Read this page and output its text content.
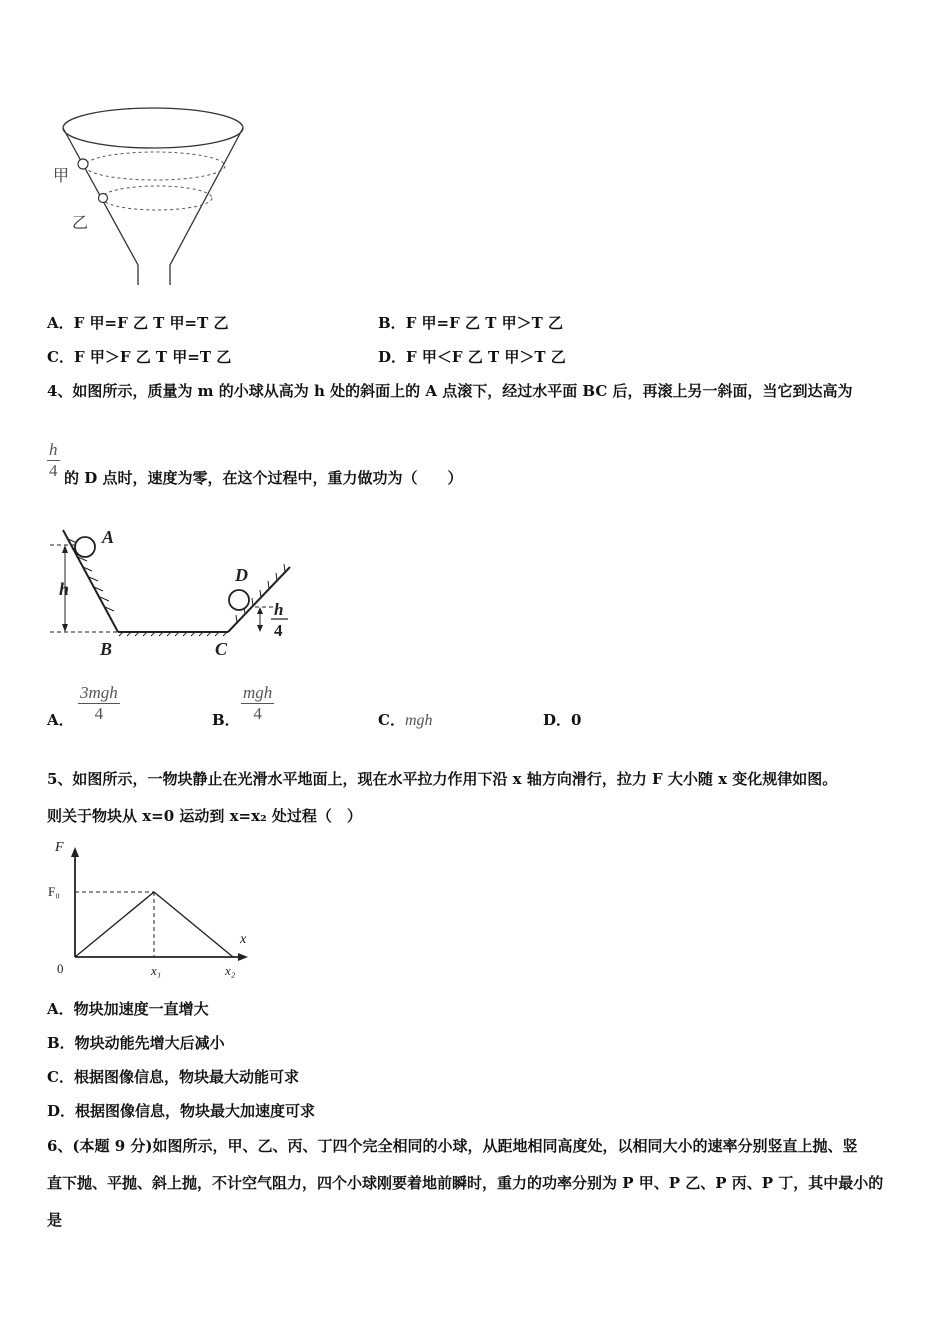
甲
乙
A．F 甲=F 乙 T 甲=T 乙	B．F 甲=F 乙 T 甲＞T 乙
C．F 甲＞F 乙 T 甲=T 乙	D．F 甲＜F 乙 T 甲＞T 乙
4、如图所示，质量为 m 的小球从高为 h 处的斜面上的 A 点滚下，经过水平面 BC 后，再滚上另一斜面，当它到达高为
$\frac{h}{4}$ 的 D 点时，速度为零，在这个过程中，重力做功为（　　）
A
B	C
D
h
h
4
A．
3mgh
4	B．
mgh
4	C．mgh	D．0
5、如图所示，一物块静止在光滑水平地面上，现在水平拉力作用下沿 x 轴方向滑行，拉力 F 大小随 x 变化规律如图。
则关于物块从 x=0 运动到 x=x₂ 处过程（　）
F
x
F₀
0	x₁	x₂
A．物块加速度一直增大
B．物块动能先增大后减小
C．根据图像信息，物块最大动能可求
D．根据图像信息，物块最大加速度可求
6、(本题 9 分)如图所示，甲、乙、丙、丁四个完全相同的小球，从距地相同高度处，以相同大小的速率分别竖直上抛、竖
直下抛、平抛、斜上抛，不计空气阻力，四个小球刚要着地前瞬时，重力的功率分别为 P 甲、P 乙、P 丙、P 丁，其中最小的
是
